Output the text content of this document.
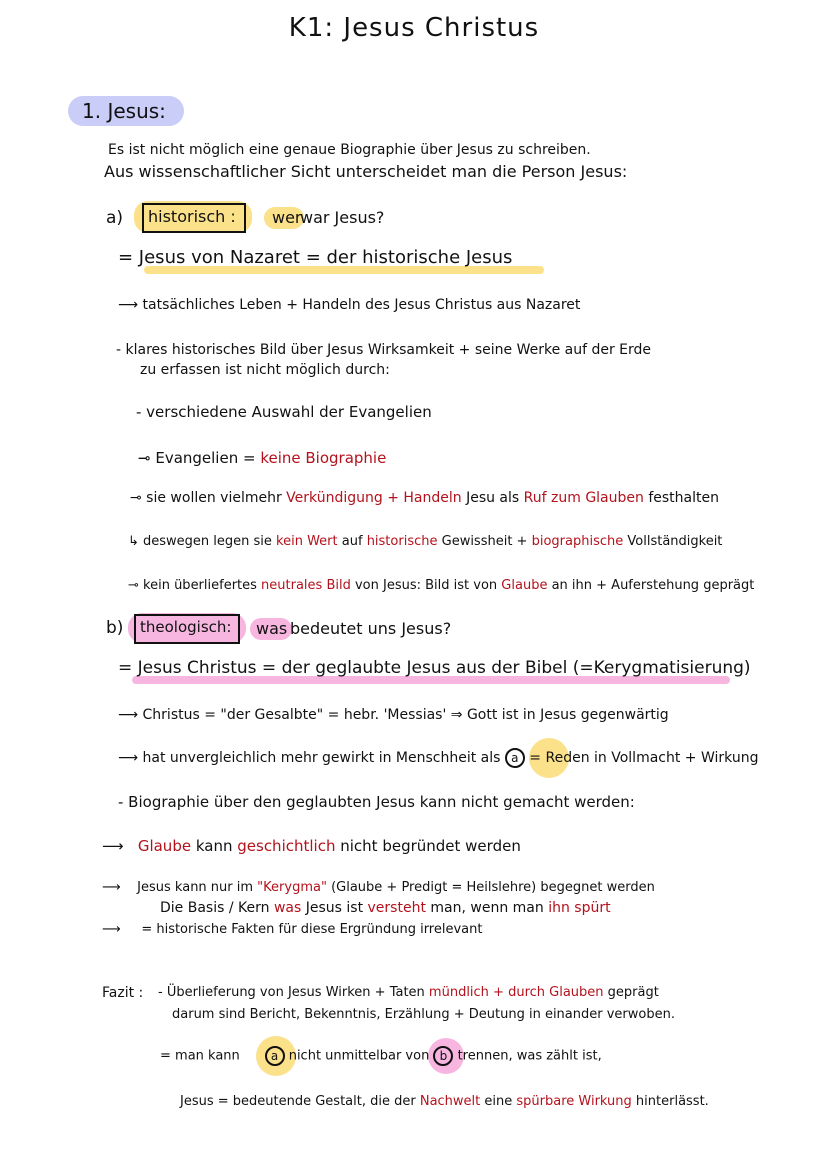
K1: Jesus Christus
1. Jesus:
Es ist nicht möglich eine genaue Biographie über Jesus zu schreiben.
Aus wissenschaftlicher Sicht unterscheidet man die Person Jesus:
a) historisch : wer
war Jesus?
= Jesus von Nazaret = der historische Jesus
⟶ tatsächliches Leben + Handeln des Jesus Christus aus Nazaret
- klares historisches Bild über Jesus Wirksamkeit + seine Werke auf der Erde
zu erfassen ist nicht möglich durch:
- verschiedene Auswahl der Evangelien
⊸ Evangelien = keine Biographie
⊸ sie wollen vielmehr Verkündigung + Handeln Jesu als Ruf zum Glauben festhalten
↳ deswegen legen sie kein Wert auf historische Gewissheit + biographische Vollständigkeit
⊸ kein überliefertes neutrales Bild von Jesus: Bild ist von Glaube an ihn + Auferstehung geprägt
b) theologisch: was bedeutet uns Jesus?
= Jesus Christus = der geglaubte Jesus aus der Bibel (=Kerygmatisierung)
⟶ Christus = "der Gesalbte" = hebr. 'Messias' ⇒ Gott ist in Jesus gegenwärtig
⟶ hat unvergleichlich mehr gewirkt in Menschheit als a = Reden in Vollmacht + Wirkung
- Biographie über den geglaubten Jesus kann nicht gemacht werden:
⟶ Glaube kann geschichtlich nicht begründet werden
⟶ Jesus kann nur im "Kerygma" (Glaube + Predigt = Heilslehre) begegnet werden
Die Basis / Kern was Jesus ist versteht man, wenn man ihn spürt
⟶ = historische Fakten für diese Ergründung irrelevant
Fazit : - Überlieferung von Jesus Wirken + Taten mündlich + durch Glauben geprägt
darum sind Bericht, Bekenntnis, Erzählung + Deutung in einander verwoben.
= man kann      a nicht unmittelbar von b trennen, was zählt ist,
Jesus = bedeutende Gestalt, die der Nachwelt eine spürbare Wirkung hinterlässt.
